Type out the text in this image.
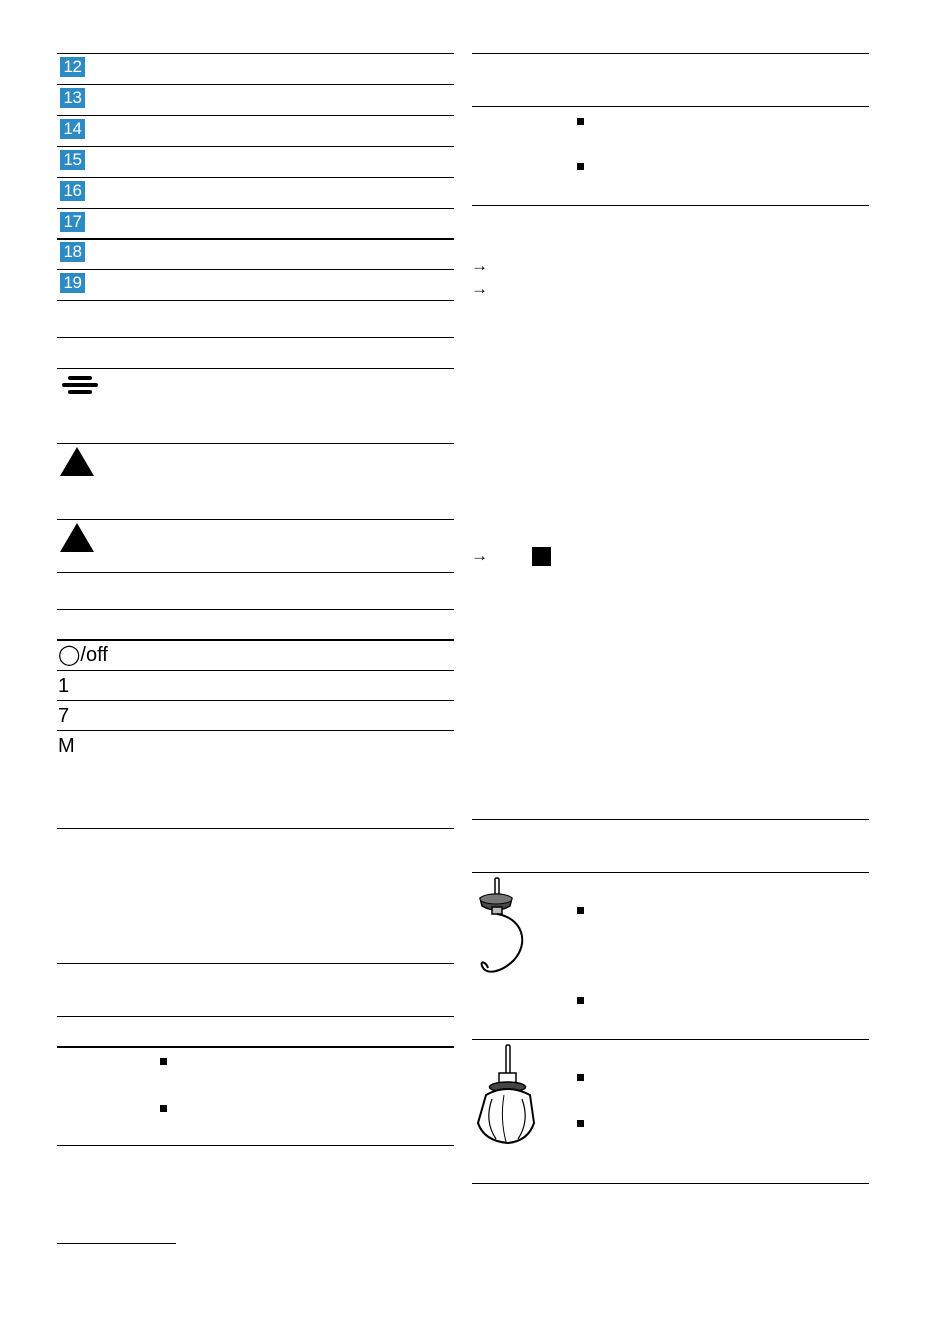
12
13
14
15
16
17
18
19
◯/off
1
7
M
→
→
→
